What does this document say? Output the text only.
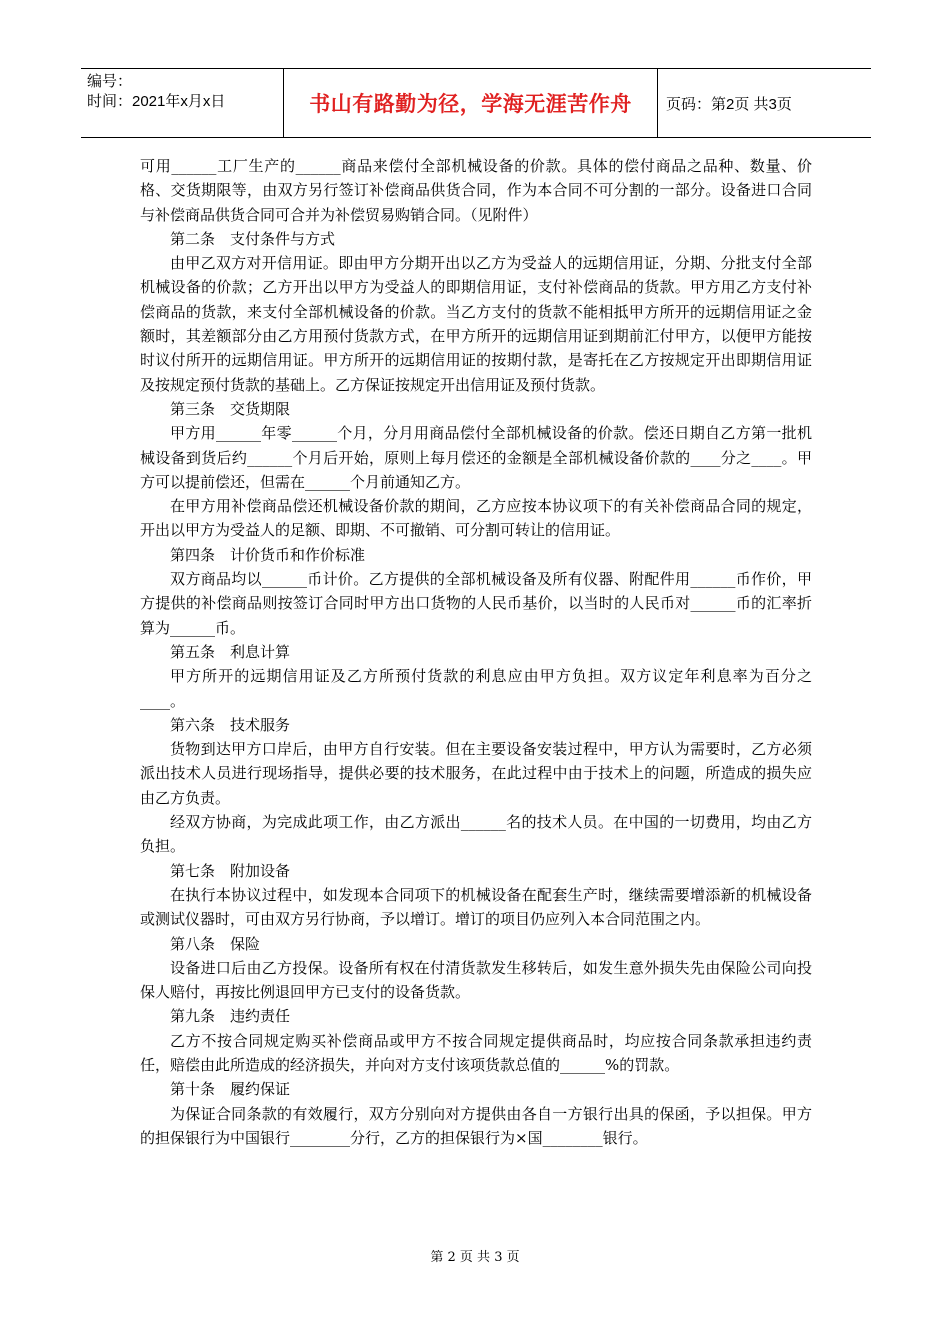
编号：
时间：2021年x月x日	书山有路勤为径，学海无涯苦作舟	页码：第2页 共3页

可用______工厂生产的______商品来偿付全部机械设备的价款。具体的偿付商品之品种、数量、价格、交货期限等，由双方另行签订补偿商品供货合同，作为本合同不可分割的一部分。设备进口合同与补偿商品供货合同可合并为补偿贸易购销合同。（见附件）

第二条　支付条件与方式

由甲乙双方对开信用证。即由甲方分期开出以乙方为受益人的远期信用证，分期、分批支付全部机械设备的价款；乙方开出以甲方为受益人的即期信用证，支付补偿商品的货款。甲方用乙方支付补偿商品的货款，来支付全部机械设备的价款。当乙方支付的货款不能相抵甲方所开的远期信用证之金额时，其差额部分由乙方用预付货款方式，在甲方所开的远期信用证到期前汇付甲方，以便甲方能按时议付所开的远期信用证。甲方所开的远期信用证的按期付款，是寄托在乙方按规定开出即期信用证及按规定预付货款的基础上。乙方保证按规定开出信用证及预付货款。

第三条　交货期限

甲方用______年零______个月，分月用商品偿付全部机械设备的价款。偿还日期自乙方第一批机械设备到货后约______个月后开始，原则上每月偿还的金额是全部机械设备价款的____分之____。甲方可以提前偿还，但需在______个月前通知乙方。

在甲方用补偿商品偿还机械设备价款的期间，乙方应按本协议项下的有关补偿商品合同的规定，开出以甲方为受益人的足额、即期、不可撤销、可分割可转让的信用证。

第四条　计价货币和作价标准

双方商品均以______币计价。乙方提供的全部机械设备及所有仪器、附配件用______币作价，甲方提供的补偿商品则按签订合同时甲方出口货物的人民币基价，以当时的人民币对______币的汇率折算为______币。

第五条　利息计算

甲方所开的远期信用证及乙方所预付货款的利息应由甲方负担。双方议定年利息率为百分之____。

第六条　技术服务

货物到达甲方口岸后，由甲方自行安装。但在主要设备安装过程中，甲方认为需要时，乙方必须派出技术人员进行现场指导，提供必要的技术服务，在此过程中由于技术上的问题，所造成的损失应由乙方负责。

经双方协商，为完成此项工作，由乙方派出______名的技术人员。在中国的一切费用，均由乙方负担。

第七条　附加设备

在执行本协议过程中，如发现本合同项下的机械设备在配套生产时，继续需要增添新的机械设备或测试仪器时，可由双方另行协商，予以增订。增订的项目仍应列入本合同范围之内。

第八条　保险

设备进口后由乙方投保。设备所有权在付清货款发生移转后，如发生意外损失先由保险公司向投保人赔付，再按比例退回甲方已支付的设备货款。

第九条　违约责任

乙方不按合同规定购买补偿商品或甲方不按合同规定提供商品时，均应按合同条款承担违约责任，赔偿由此所造成的经济损失，并向对方支付该项货款总值的______%的罚款。

第十条　履约保证

为保证合同条款的有效履行，双方分别向对方提供由各自一方银行出具的保函，予以担保。甲方的担保银行为中国银行________分行，乙方的担保银行为×国________银行。

第 2 页 共 3 页
